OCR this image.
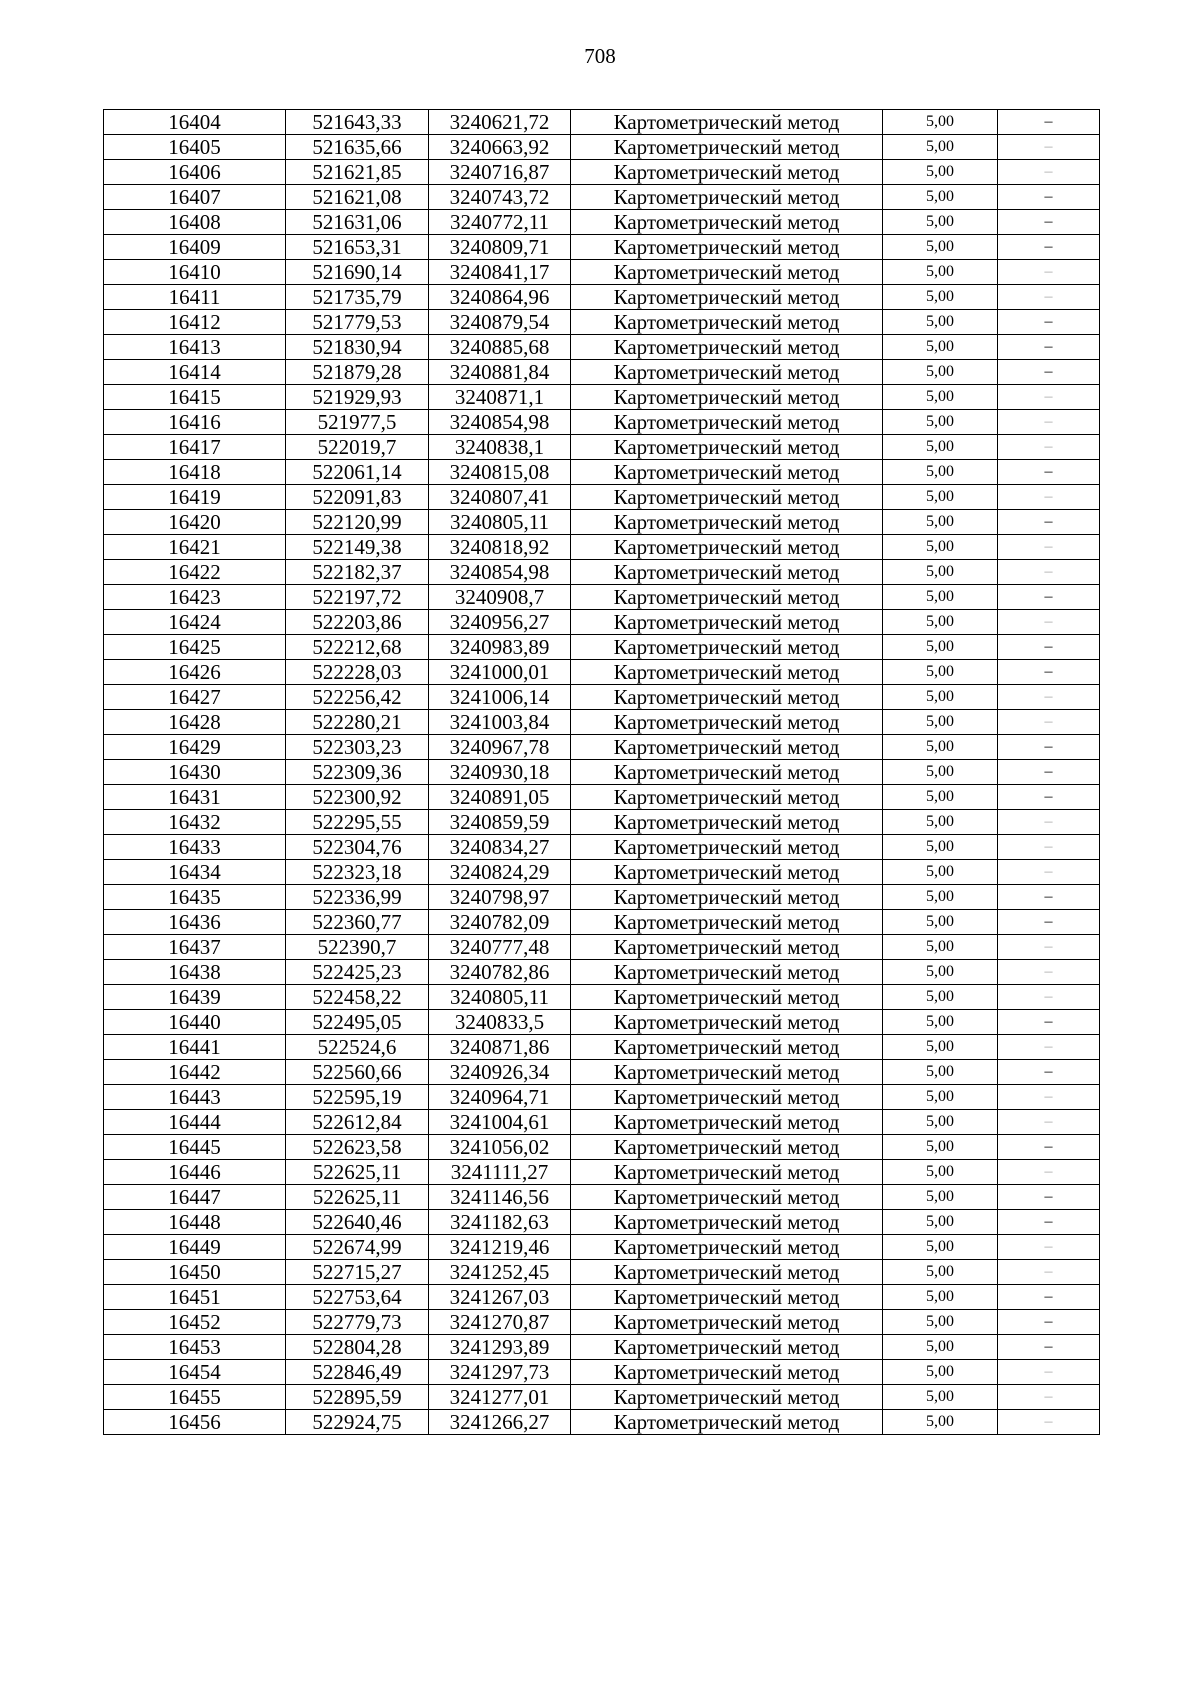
708
16404	521643,33	3240621,72	Картометрический метод	5,00	–
16405	521635,66	3240663,92	Картометрический метод	5,00	–
16406	521621,85	3240716,87	Картометрический метод	5,00	–
16407	521621,08	3240743,72	Картометрический метод	5,00	–
16408	521631,06	3240772,11	Картометрический метод	5,00	–
16409	521653,31	3240809,71	Картометрический метод	5,00	–
16410	521690,14	3240841,17	Картометрический метод	5,00	–
16411	521735,79	3240864,96	Картометрический метод	5,00	–
16412	521779,53	3240879,54	Картометрический метод	5,00	–
16413	521830,94	3240885,68	Картометрический метод	5,00	–
16414	521879,28	3240881,84	Картометрический метод	5,00	–
16415	521929,93	3240871,1	Картометрический метод	5,00	–
16416	521977,5	3240854,98	Картометрический метод	5,00	–
16417	522019,7	3240838,1	Картометрический метод	5,00	–
16418	522061,14	3240815,08	Картометрический метод	5,00	–
16419	522091,83	3240807,41	Картометрический метод	5,00	–
16420	522120,99	3240805,11	Картометрический метод	5,00	–
16421	522149,38	3240818,92	Картометрический метод	5,00	–
16422	522182,37	3240854,98	Картометрический метод	5,00	–
16423	522197,72	3240908,7	Картометрический метод	5,00	–
16424	522203,86	3240956,27	Картометрический метод	5,00	–
16425	522212,68	3240983,89	Картометрический метод	5,00	–
16426	522228,03	3241000,01	Картометрический метод	5,00	–
16427	522256,42	3241006,14	Картометрический метод	5,00	–
16428	522280,21	3241003,84	Картометрический метод	5,00	–
16429	522303,23	3240967,78	Картометрический метод	5,00	–
16430	522309,36	3240930,18	Картометрический метод	5,00	–
16431	522300,92	3240891,05	Картометрический метод	5,00	–
16432	522295,55	3240859,59	Картометрический метод	5,00	–
16433	522304,76	3240834,27	Картометрический метод	5,00	–
16434	522323,18	3240824,29	Картометрический метод	5,00	–
16435	522336,99	3240798,97	Картометрический метод	5,00	–
16436	522360,77	3240782,09	Картометрический метод	5,00	–
16437	522390,7	3240777,48	Картометрический метод	5,00	–
16438	522425,23	3240782,86	Картометрический метод	5,00	–
16439	522458,22	3240805,11	Картометрический метод	5,00	–
16440	522495,05	3240833,5	Картометрический метод	5,00	–
16441	522524,6	3240871,86	Картометрический метод	5,00	–
16442	522560,66	3240926,34	Картометрический метод	5,00	–
16443	522595,19	3240964,71	Картометрический метод	5,00	–
16444	522612,84	3241004,61	Картометрический метод	5,00	–
16445	522623,58	3241056,02	Картометрический метод	5,00	–
16446	522625,11	3241111,27	Картометрический метод	5,00	–
16447	522625,11	3241146,56	Картометрический метод	5,00	–
16448	522640,46	3241182,63	Картометрический метод	5,00	–
16449	522674,99	3241219,46	Картометрический метод	5,00	–
16450	522715,27	3241252,45	Картометрический метод	5,00	–
16451	522753,64	3241267,03	Картометрический метод	5,00	–
16452	522779,73	3241270,87	Картометрический метод	5,00	–
16453	522804,28	3241293,89	Картометрический метод	5,00	–
16454	522846,49	3241297,73	Картометрический метод	5,00	–
16455	522895,59	3241277,01	Картометрический метод	5,00	–
16456	522924,75	3241266,27	Картометрический метод	5,00	–
